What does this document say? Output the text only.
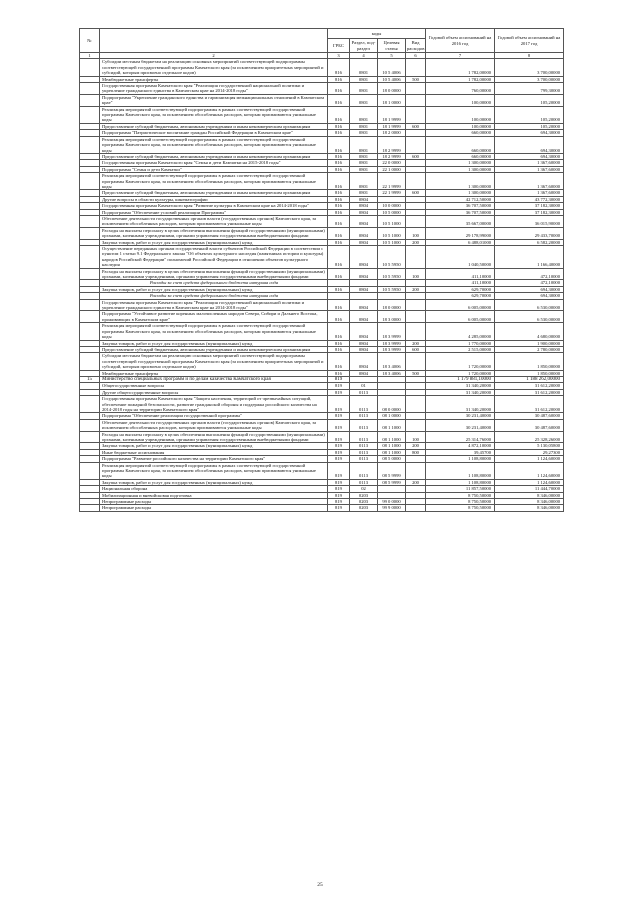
№		коды				Годовой объем ассигнований на 2016 год	Годовой объем ассигнований на 2017 год
		ГРБС	Раздел, под- раздел	Целевая статья	Вид расходов		
1	2	3	4	5	6	7	8
	Субсидии местным бюджетам на реализацию основных мероприятий соответствующей подпрограммы соответствующей государственной программы Камчатского края (за исключением приоритетных мероприятий и субсидий, которым присвоено отдельное кодов)	816	0801	10 5 4006		1 782,00000	3 700,00000
	Межбюджетные трансферты	816	0801	10 5 4006	500	1 782,00000	3 700,00000
	Государственная программа Камчатского края "Реализация государственной национальной политики и укрепление гражданского единства в Камчатском крае на 2014-2018 годы"	816	0801	18 0 0000		760,00000	799,30000
	Подпрограмма "Укрепление гражданского единства и гармонизация межнациональных отношений в Камчатском крае"	816	0801	18 1 0000		100,00000	105,20000
	Реализация мероприятий соответствующей подпрограммы в рамках соответствующей государственной программы Камчатского края, за исключением обособленных расходов, которым присваиваются уникальные коды	816	0801	18 1 9999		100,00000	105,20000
	Предоставление субсидий бюджетным, автономным учреждениям и иным некоммерческим организациям	816	0801	18 1 9999	600	100,00000	105,20000
	Подпрограмма "Патриотическое воспитание граждан Российской Федерации в Камчатском крае"	816	0801	18 2 0000		660,00000	694,30000
	Реализация мероприятий соответствующей подпрограммы в рамках соответствующей государственной программы Камчатского края, за исключением обособленных расходов, которым присваиваются уникальные коды	816	0801	18 2 9999		660,00000	694,30000
	Предоставление субсидий бюджетным, автономным учреждениям и иным некоммерческим организациям	816	0801	18 2 9999	600	660,00000	694,30000
	Государственная программа Камчатского края "Семья и дети Камчатки на 2015-2018 годы"	816	0801	22 0 0000		1 300,00000	1 367,60000
	Подпрограмма "Семья и дети Камчатки"	816	0801	22 1 0000		1 300,00000	1 367,60000
	Реализация мероприятий соответствующей подпрограммы в рамках соответствующей государственной программы Камчатского края, за исключением обособленных расходов, которым присваиваются уникальные коды	816	0801	22 1 9999		1 300,00000	1 367,60000
	Предоставление субсидий бюджетным, автономным учреждениям и иным некоммерческим организациям	816	0801	22 1 9999	600	1 300,00000	1 367,60000
	Другие вопросы в области культуры, кинематографии	816	0804			42 712,50000	43 772,30000
	Государственная программа Камчатского края "Развитие культуры в Камчатском крае на 2014-2018 годы"	816	0804	10 0 0000		36 707,50000	37 182,30000
	Подпрограмма "Обеспечение условий реализации Программы"	816	0804	10 5 0000		36 707,50000	37 182,30000
	Обеспечение деятельности государственных органов власти (государственных органов) Камчатского края, за исключением обособленных расходов, которым присваиваются уникальные коды	816	0804	10 5 1000		35 667,00000	36 015,90000
	Расходы на выплаты персоналу в целях обеспечения выполнения функций государственными (муниципальными) органами, казенными учреждениями, органами управления государственными внебюджетными фондами	816	0804	10 5 1000	100	29 178,99000	29 433,70000
	Закупка товаров, работ и услуг для государственных (муниципальных) нужд	816	0804	10 5 1000	200	6 488,01000	6 582,20000
	Осуществление переданных органам государственной власти субъектов Российской Федерации в соответствии с пунктом 1 статьи 9.1 Федерального закона "Об объектах культурного наследия (памятниках истории и культуры) народов Российской Федерации" полномочий Российской Федерации в отношении объектов культурного наследия	816	0804	10 5 5950		1 040,50000	1 166,40000
	Расходы на выплаты персоналу в целях обеспечения выполнения функций государственными (муниципальными) органами, казенными учреждениями, органами управления государственными внебюджетными фондами	816	0804	10 5 5950	100	411,10000	472,10000
	Расходы за счет средств федерального бюджета натурная сода					411,10000	472,10000
	Закупка товаров, работ и услуг для государственных (муниципальных) нужд	816	0804	10 5 5950	200	629,70000	694,30000
	Расходы за счет средств федерального бюджета натурная сода					629,70000	694,30000
	Государственная программа Камчатского края "Реализация государственной национальной политики и укрепление гражданского единства в Камчатском крае на 2014-2018 годы"	816	0804	18 0 0000		6 005,00000	6 530,00000
	Подпрограмма "Устойчивое развитие коренных малочисленных народов Севера, Сибири и Дальнего Востока, проживающих в Камчатском крае"	816	0804	18 3 0000		6 005,00000	6 530,00000
	Реализация мероприятий соответствующей подпрограммы в рамках соответствующей государственной программы Камчатского края, за исключением обособленных расходов, которым присваиваются уникальные коды	816	0804	18 3 9999		4 285,00000	4 680,00000
	Закупка товаров, работ и услуг для государственных (муниципальных) нужд	816	0804	18 3 9999	200	1 770,00000	1 900,00000
	Предоставление субсидий бюджетным, автономным учреждениям и иным некоммерческим организациям	816	0804	18 3 9999	600	2 515,00000	2 780,00000
	Субсидии местным бюджетам на реализацию основных мероприятий соответствующей подпрограммы соответствующей государственной программы Камчатского края (за исключением приоритетных мероприятий и субсидий, которым присвоено отдельное кодов)	816	0804	18 3 4006		1 720,00000	1 850,00000
	Межбюджетные трансферты	816	0804	18 3 4006	500	1 720,00000	1 850,00000
15	Министерство специальных программ и по делам казачества Камчатского края	819				1 179 881,10000	1 188 262,00000
	Общегосударственные вопросы	819	01			31 340,20000	31 612,20000
	Другие общегосударственные вопросы	819	0113			31 340,20000	31 612,20000
	Государственная программа Камчатского края "Защита населения, территорий от чрезвычайных ситуаций, обеспечение пожарной безопасности, развитие гражданской обороны и поддержка российского казачества на 2014-2018 годы на территории Камчатского края"	819	0113	08 0 0000		31 340,20000	31 612,20000
	Подпрограмма "Обеспечение реализации государственной программы"	819	0113	08 1 0000		30 231,40000	30 487,60000
	Обеспечение деятельности государственных органов власти (государственных органов) Камчатского края, за исключением обособленных расходов, которым присваиваются уникальные коды	819	0113	08 1 1000		30 231,40000	30 487,60000
	Расходы на выплаты персоналу в целях обеспечения выполнения функций государственными (муниципальными) органами, казенными учреждениями, органами управления государственными внебюджетными фондами	819	0113	08 1 1000	100	25 314,76000	25 328,26000
	Закупка товаров, работ и услуг для государственных (муниципальных) нужд	819	0113	08 1 1000	200	4 872,10000	5 130,05800
	Иные бюджетные ассигнования	819	0113	08 1 1000	800	39,45700	29,27300
	Подпрограмма "Развитие российского казачества на территории Камчатского края"	819	0113	08 5 0000		1 108,80000	1 124,60000
	Реализация мероприятий соответствующей подпрограммы в рамках соответствующей государственной программы Камчатского края, за исключением обособленных расходов, которым присваиваются уникальные коды	819	0113	08 5 9999		1 108,80000	1 124,60000
	Закупка товаров, работ и услуг для государственных (муниципальных) нужд	819	0113	08 5 9999	200	1 108,80000	1 124,60000
	Национальная оборона	819	02			11 857,50000	11 444,70000
	Мобилизационная и вневойсковая подготовка	819	0203			8 750,50000	8 346,00000
	Непрограммные расходы	819	0203	99 0 0000		8 750,50000	8 346,00000
	Непрограммные расходы	819	0203	99 9 0000		8 750,50000	8 346,00000
25
